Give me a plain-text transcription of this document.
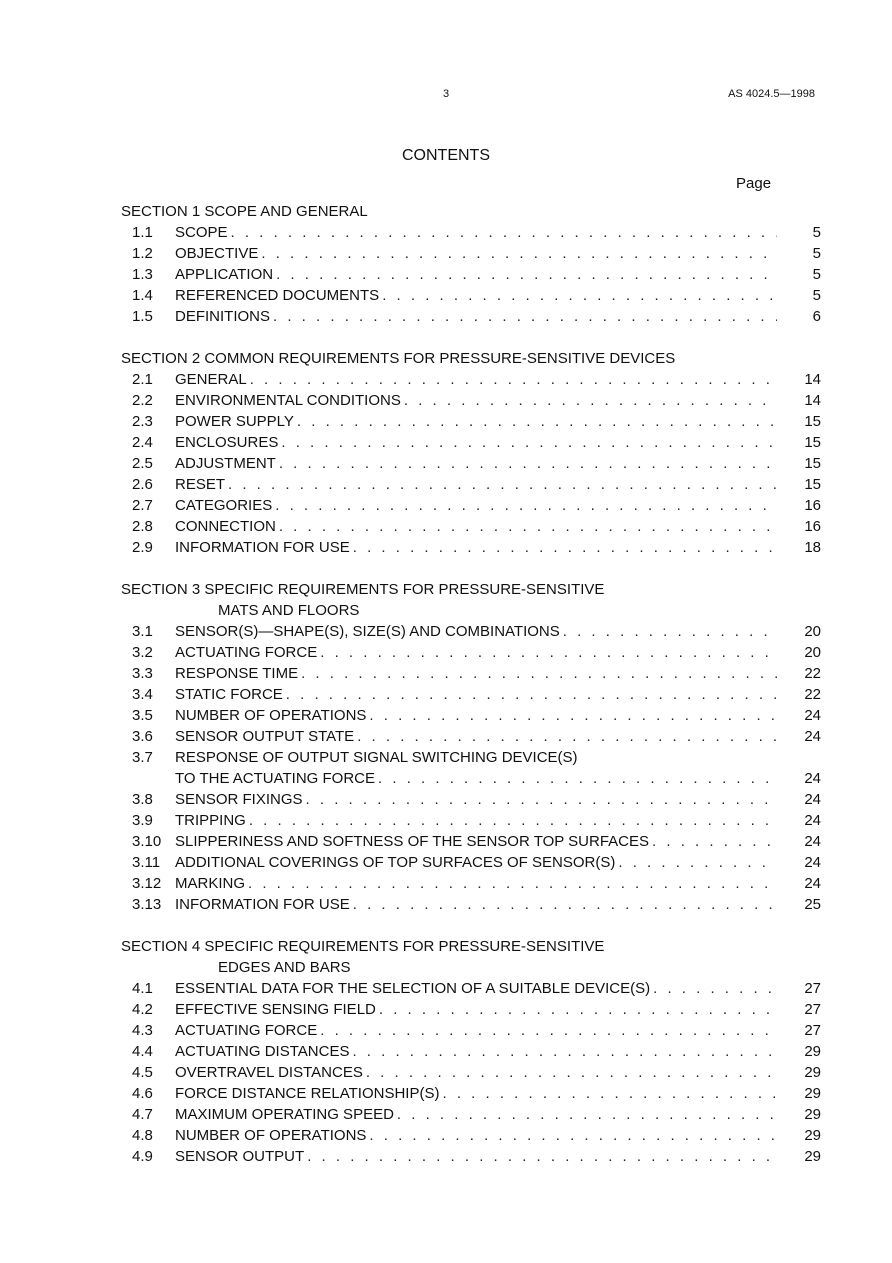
3	AS 4024.5—1998
CONTENTS
Page
SECTION 1 SCOPE AND GENERAL
1.1	SCOPE . . .	5
1.2	OBJECTIVE . . .	5
1.3	APPLICATION . . .	5
1.4	REFERENCED DOCUMENTS . . .	5
1.5	DEFINITIONS . . .	6
SECTION 2 COMMON REQUIREMENTS FOR PRESSURE-SENSITIVE DEVICES
2.1	GENERAL . . .	14
2.2	ENVIRONMENTAL CONDITIONS . . .	14
2.3	POWER SUPPLY . . .	15
2.4	ENCLOSURES . . .	15
2.5	ADJUSTMENT . . .	15
2.6	RESET . . .	15
2.7	CATEGORIES . . .	16
2.8	CONNECTION . . .	16
2.9	INFORMATION FOR USE . . .	18
SECTION 3 SPECIFIC REQUIREMENTS FOR PRESSURE-SENSITIVE
MATS AND FLOORS
3.1	SENSOR(S)—SHAPE(S), SIZE(S) AND COMBINATIONS . . .	20
3.2	ACTUATING FORCE . . .	20
3.3	RESPONSE TIME . . .	22
3.4	STATIC FORCE . . .	22
3.5	NUMBER OF OPERATIONS . . .	24
3.6	SENSOR OUTPUT STATE . . .	24
3.7	RESPONSE OF OUTPUT SIGNAL SWITCHING DEVICE(S)
TO THE ACTUATING FORCE . . .	24
3.8	SENSOR FIXINGS . . .	24
3.9	TRIPPING . . .	24
3.10 SLIPPERINESS AND SOFTNESS OF THE SENSOR TOP SURFACES . . .	24
3.11 ADDITIONAL COVERINGS OF TOP SURFACES OF SENSOR(S) . . .	24
3.12 MARKING . . .	24
3.13 INFORMATION FOR USE . . .	25
SECTION 4 SPECIFIC REQUIREMENTS FOR PRESSURE-SENSITIVE
EDGES AND BARS
4.1	ESSENTIAL DATA FOR THE SELECTION OF A SUITABLE DEVICE(S) . . .	27
4.2	EFFECTIVE SENSING FIELD . . .	27
4.3	ACTUATING FORCE . . .	27
4.4	ACTUATING DISTANCES . . .	29
4.5	OVERTRAVEL DISTANCES . . .	29
4.6	FORCE DISTANCE RELATIONSHIP(S) . . .	29
4.7	MAXIMUM OPERATING SPEED . . .	29
4.8	NUMBER OF OPERATIONS . . .	29
4.9	SENSOR OUTPUT . . .	29
